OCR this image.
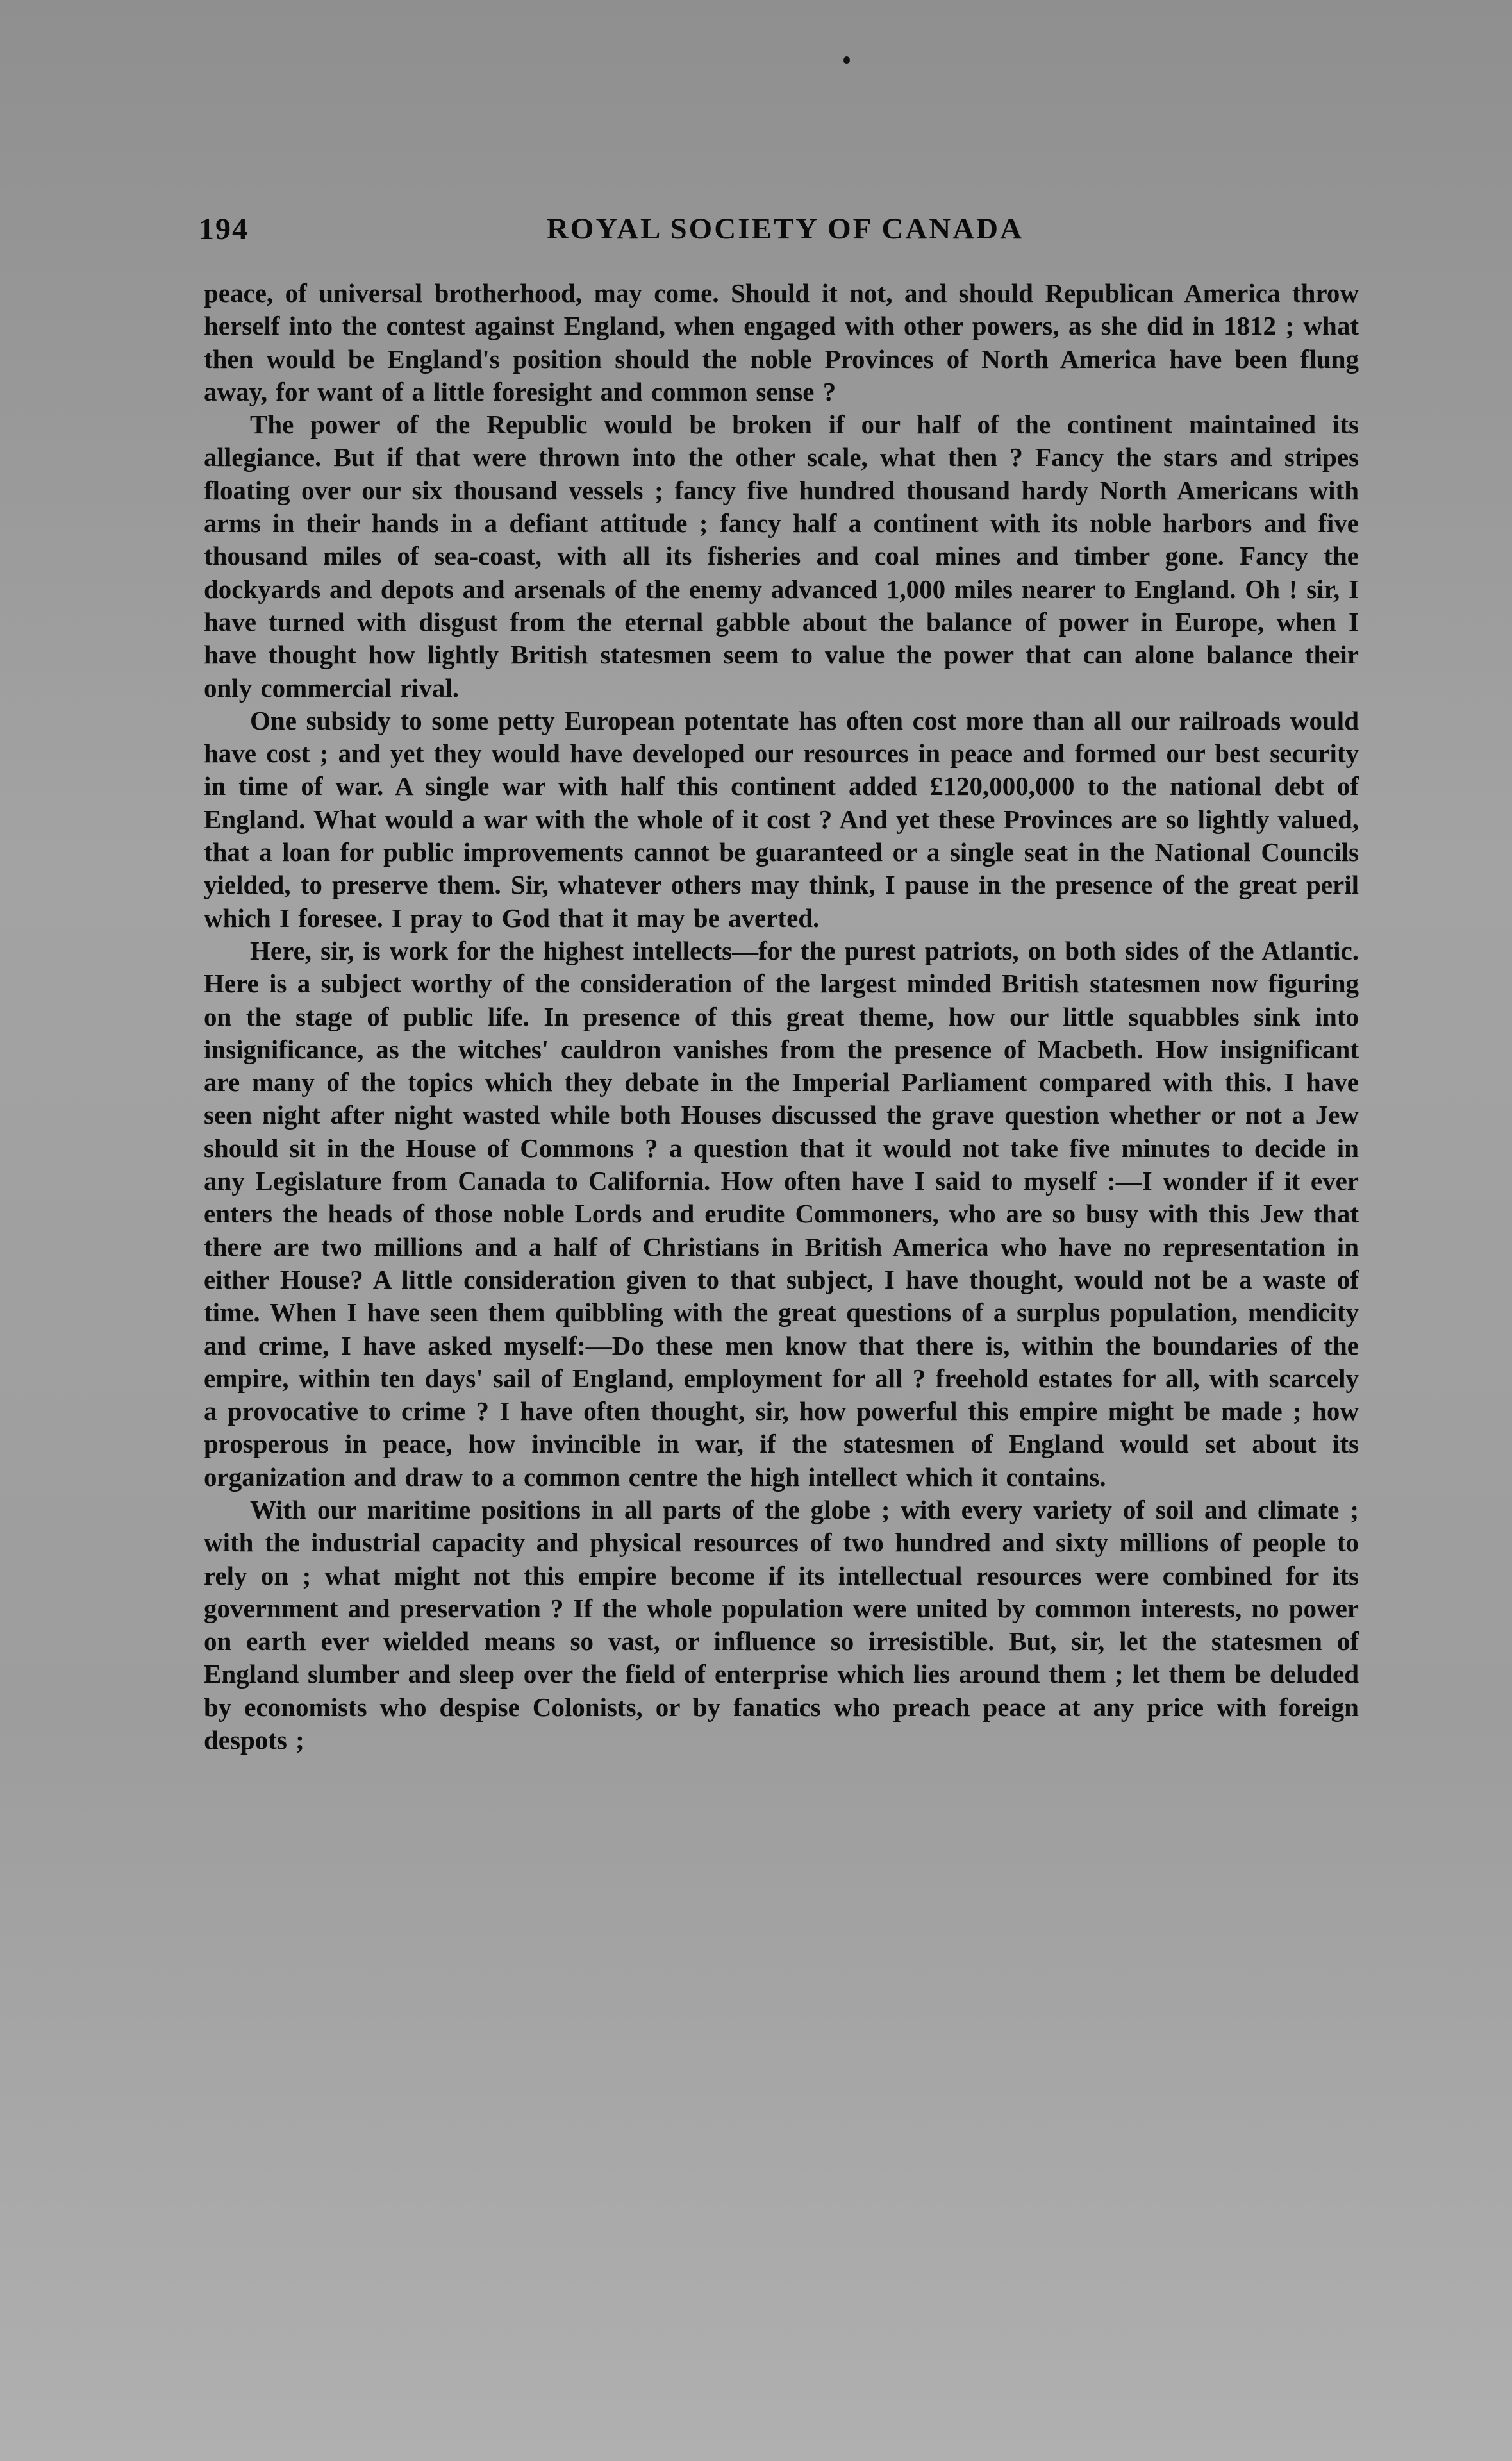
194	ROYAL SOCIETY OF CANADA

peace, of universal brotherhood, may come. Should it not, and should Republican America throw herself into the contest against England, when engaged with other powers, as she did in 1812 ; what then would be England's position should the noble Provinces of North America have been flung away, for want of a little foresight and common sense ?

The power of the Republic would be broken if our half of the continent maintained its allegiance. But if that were thrown into the other scale, what then ? Fancy the stars and stripes floating over our six thousand vessels ; fancy five hundred thousand hardy North Americans with arms in their hands in a defiant attitude ; fancy half a continent with its noble harbors and five thousand miles of sea-coast, with all its fisheries and coal mines and timber gone. Fancy the dockyards and depots and arsenals of the enemy advanced 1,000 miles nearer to England. Oh ! sir, I have turned with disgust from the eternal gabble about the balance of power in Europe, when I have thought how lightly British statesmen seem to value the power that can alone balance their only commercial rival.

One subsidy to some petty European potentate has often cost more than all our railroads would have cost ; and yet they would have developed our resources in peace and formed our best security in time of war. A single war with half this continent added £120,000,000 to the national debt of England. What would a war with the whole of it cost ? And yet these Provinces are so lightly valued, that a loan for public improvements cannot be guaranteed or a single seat in the National Councils yielded, to preserve them. Sir, whatever others may think, I pause in the presence of the great peril which I foresee. I pray to God that it may be averted.

Here, sir, is work for the highest intellects—for the purest patriots, on both sides of the Atlantic. Here is a subject worthy of the consideration of the largest minded British statesmen now figuring on the stage of public life. In presence of this great theme, how our little squabbles sink into insignificance, as the witches' cauldron vanishes from the presence of Macbeth. How insignificant are many of the topics which they debate in the Imperial Parliament compared with this. I have seen night after night wasted while both Houses discussed the grave question whether or not a Jew should sit in the House of Commons ? a question that it would not take five minutes to decide in any Legislature from Canada to California. How often have I said to myself :—I wonder if it ever enters the heads of those noble Lords and erudite Commoners, who are so busy with this Jew that there are two millions and a half of Christians in British America who have no representation in either House? A little consideration given to that subject, I have thought, would not be a waste of time. When I have seen them quibbling with the great questions of a surplus population, mendicity and crime, I have asked myself:—Do these men know that there is, within the boundaries of the empire, within ten days' sail of England, employment for all ? freehold estates for all, with scarcely a provocative to crime ? I have often thought, sir, how powerful this empire might be made ; how prosperous in peace, how invincible in war, if the statesmen of England would set about its organization and draw to a common centre the high intellect which it contains.

With our maritime positions in all parts of the globe ; with every variety of soil and climate ; with the industrial capacity and physical resources of two hundred and sixty millions of people to rely on ; what might not this empire become if its intellectual resources were combined for its government and preservation ? If the whole population were united by common interests, no power on earth ever wielded means so vast, or influence so irresistible. But, sir, let the statesmen of England slumber and sleep over the field of enterprise which lies around them ; let them be deluded by economists who despise Colonists, or by fanatics who preach peace at any price with foreign despots ;
